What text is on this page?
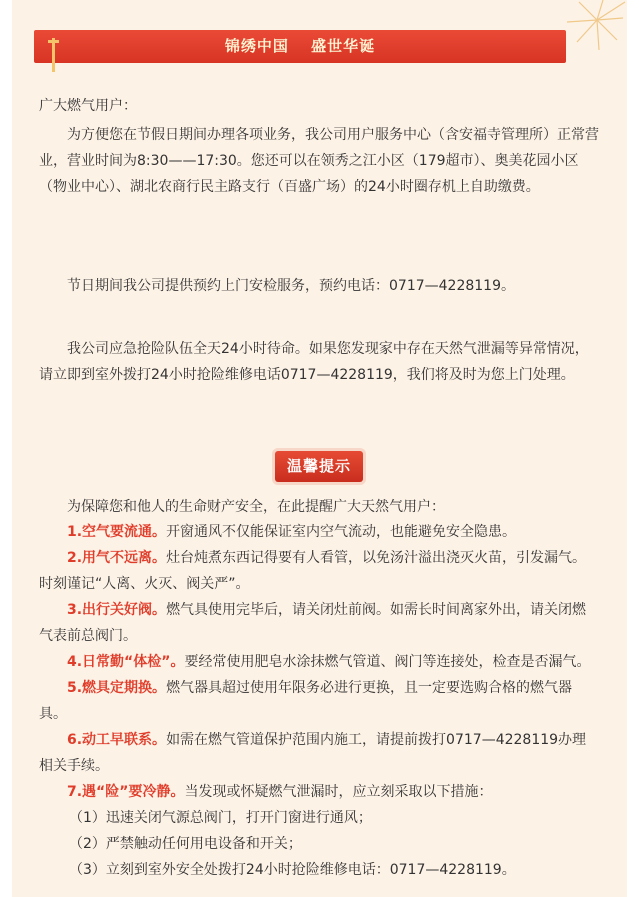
锦绣中国　 盛世华诞
广大燃气用户：
为方便您在节假日期间办理各项业务，我公司用户服务中心（含安福寺管理所）正常营业，营业时间为8:30——17:30。您还可以在领秀之江小区（179超市）、奥美花园小区（物业中心）、湖北农商行民主路支行（百盛广场）的24小时圈存机上自助缴费。
节日期间我公司提供预约上门安检服务，预约电话：0717—4228119。
我公司应急抢险队伍全天24小时待命。如果您发现家中存在天然气泄漏等异常情况，请立即到室外拨打24小时抢险维修电话0717—4228119，我们将及时为您上门处理。
温馨提示
为保障您和他人的生命财产安全，在此提醒广大天然气用户：
1.空气要流通。开窗通风不仅能保证室内空气流动，也能避免安全隐患。
2.用气不远离。灶台炖煮东西记得要有人看管，以免汤汁溢出浇灭火苗，引发漏气。时刻谨记“人离、火灭、阀关严”。
3.出行关好阀。燃气具使用完毕后，请关闭灶前阀。如需长时间离家外出，请关闭燃气表前总阀门。
4.日常勤“体检”。要经常使用肥皂水涂抹燃气管道、阀门等连接处，检查是否漏气。
5.燃具定期换。燃气器具超过使用年限务必进行更换，且一定要选购合格的燃气器具。
6.动工早联系。如需在燃气管道保护范围内施工，请提前拨打0717—4228119办理相关手续。
7.遇“险”要冷静。当发现或怀疑燃气泄漏时，应立刻采取以下措施：
（1）迅速关闭气源总阀门，打开门窗进行通风；
（2）严禁触动任何用电设备和开关；
（3）立刻到室外安全处拨打24小时抢险维修电话：0717—4228119。
